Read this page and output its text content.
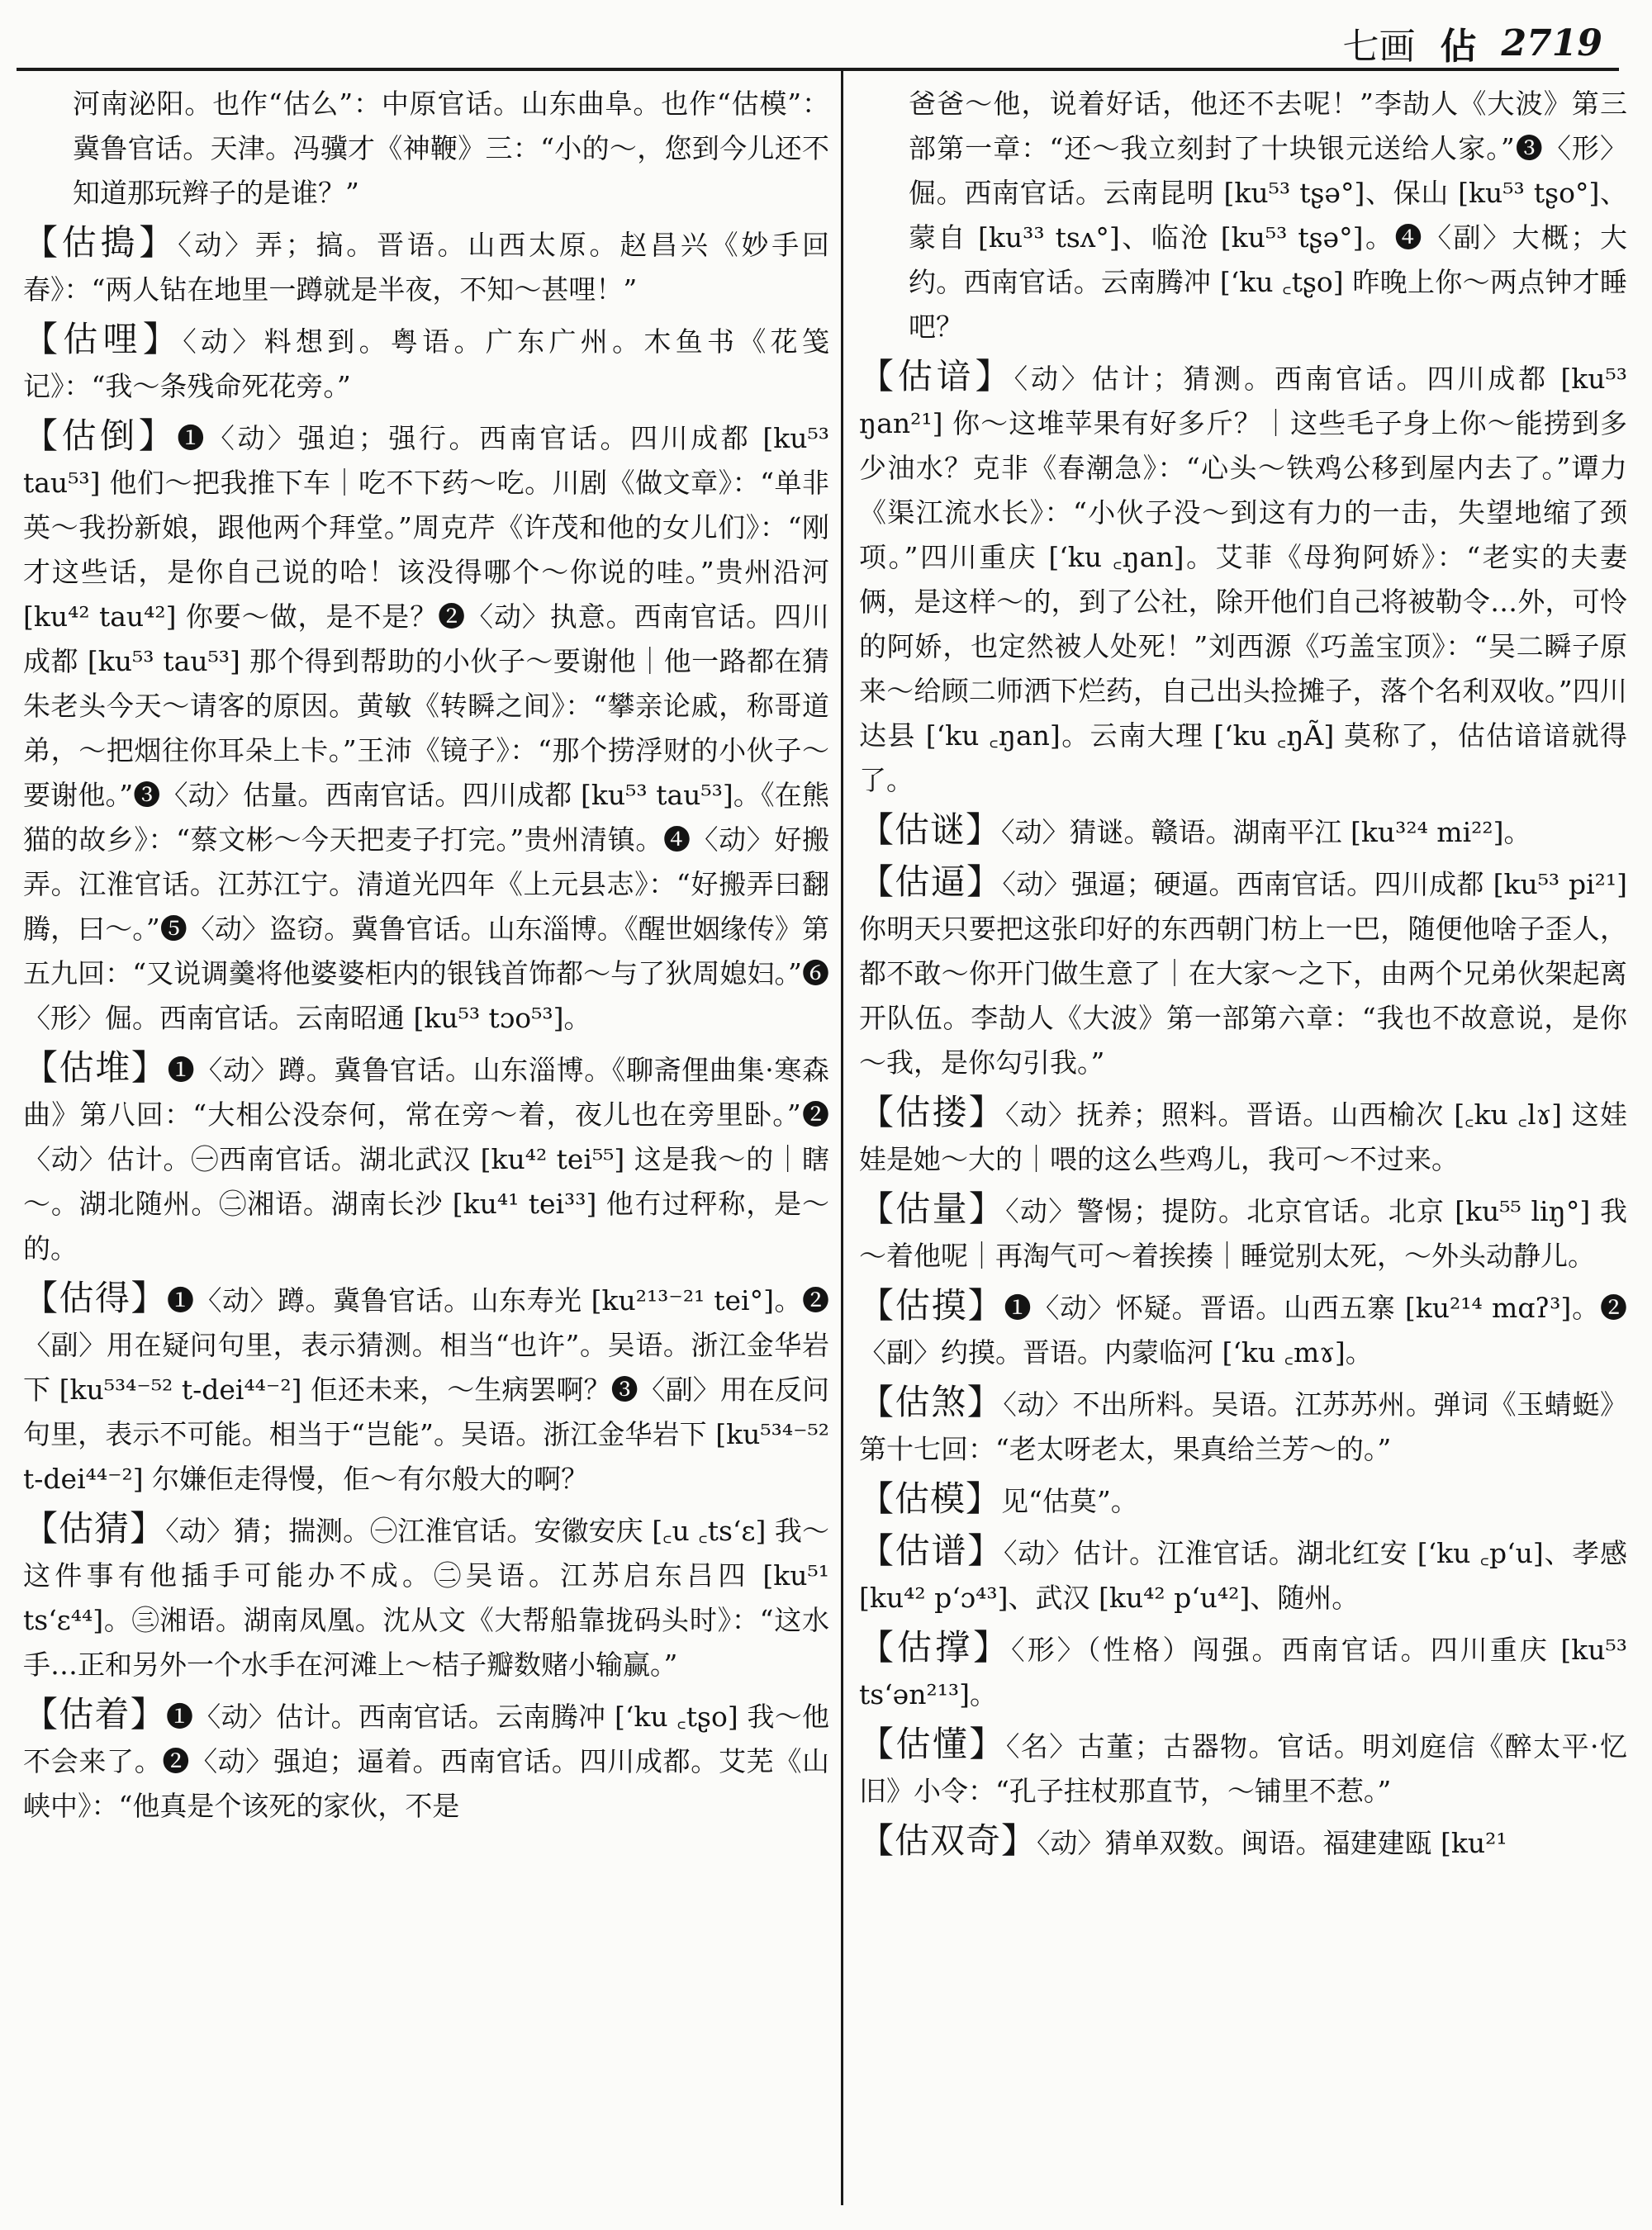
七画 佔 2719

河南泌阳。也作“估么”：中原官话。山东曲阜。也作“估模”：冀鲁官话。天津。冯骥才《神鞭》三：“小的～，您到今儿还不知道那玩辫子的是谁？”

【估搗】〈动〉弄；搞。晋语。山西太原。赵昌兴《妙手回春》：“两人钻在地里一蹲就是半夜，不知～甚哩！”

【估哩】〈动〉料想到。粤语。广东广州。木鱼书《花笺记》：“我～条残命死花旁。”

【估倒】❶〈动〉强迫；强行。西南官话。四川成都 [ku⁵³ tau⁵³] 他们～把我推下车｜吃不下药～吃。川剧《做文章》：“单非英～我扮新娘，跟他两个拜堂。”周克芹《许茂和他的女儿们》：“刚才这些话，是你自己说的哈！该没得哪个～你说的哇。”贵州沿河 [ku⁴² tau⁴²] 你要～做，是不是？❷〈动〉执意。西南官话。四川成都 [ku⁵³ tau⁵³] 那个得到帮助的小伙子～要谢他｜他一路都在猜朱老头今天～请客的原因。黄敏《转瞬之间》：“攀亲论戚，称哥道弟，～把烟往你耳朵上卡。”王沛《镜子》：“那个捞浮财的小伙子～要谢他。”❸〈动〉估量。西南官话。四川成都 [ku⁵³ tau⁵³]。《在熊猫的故乡》：“蔡文彬～今天把麦子打完。”贵州清镇。❹〈动〉好搬弄。江淮官话。江苏江宁。清道光四年《上元县志》：“好搬弄曰翻腾，曰～。”❺〈动〉盗窃。冀鲁官话。山东淄博。《醒世姻缘传》第五九回：“又说调羹将他婆婆柜内的银钱首饰都～与了狄周媳妇。”❻〈形〉倔。西南官话。云南昭通 [ku⁵³ tɔo⁵³]。

【估堆】❶〈动〉蹲。冀鲁官话。山东淄博。《聊斋俚曲集·寒森曲》第八回：“大相公没奈何，常在旁～着，夜儿也在旁里卧。”❷〈动〉估计。㊀西南官话。湖北武汉 [ku⁴² tei⁵⁵] 这是我～的｜瞎～。湖北随州。㊁湘语。湖南长沙 [ku⁴¹ tei³³] 他冇过秤称，是～的。

【估得】❶〈动〉蹲。冀鲁官话。山东寿光 [ku²¹³⁻²¹ tei°]。❷〈副〉用在疑问句里，表示猜测。相当“也许”。吴语。浙江金华岩下 [ku⁵³⁴⁻⁵² t-dei⁴⁴⁻²] 佢还未来，～生病罢啊？❸〈副〉用在反问句里，表示不可能。相当于“岂能”。吴语。浙江金华岩下 [ku⁵³⁴⁻⁵² t-dei⁴⁴⁻²] 尔嫌佢走得慢，佢～有尔般大的啊？

【估猜】〈动〉猜；揣测。㊀江淮官话。安徽安庆 [꜀u ꜀ts‘ɛ] 我～这件事有他插手可能办不成。㊁吴语。江苏启东吕四 [ku⁵¹ ts‘ɛ⁴⁴]。㊂湘语。湖南凤凰。沈从文《大帮船靠拢码头时》：“这水手…正和另外一个水手在河滩上～桔子瓣数赌小输赢。”

【估着】❶〈动〉估计。西南官话。云南腾冲 [‘ku ꜀tʂo] 我～他不会来了。❷〈动〉强迫；逼着。西南官话。四川成都。艾芜《山峡中》：“他真是个该死的家伙，不是

爸爸～他，说着好话，他还不去呢！”李劼人《大波》第三部第一章：“还～我立刻封了十块银元送给人家。”❸〈形〉倔。西南官话。云南昆明 [ku⁵³ tʂə°]、保山 [ku⁵³ tʂo°]、蒙自 [ku³³ tsʌ°]、临沧 [ku⁵³ tʂə°]。❹〈副〉大概；大约。西南官话。云南腾冲 [‘ku ꜀tʂo] 昨晚上你～两点钟才睡吧？

【估谙】〈动〉估计；猜测。西南官话。四川成都 [ku⁵³ ŋan²¹] 你～这堆苹果有好多斤？｜这些毛子身上你～能捞到多少油水？克非《春潮急》：“心头～铁鸡公移到屋内去了。”谭力《渠江流水长》：“小伙子没～到这有力的一击，失望地缩了颈项。”四川重庆 [‘ku ꜀ŋan]。艾菲《母狗阿娇》：“老实的夫妻俩，是这样～的，到了公社，除开他们自己将被勒令…外，可怜的阿娇，也定然被人处死！”刘西源《巧盖宝顶》：“吴二瞬子原来～给顾二师洒下烂药，自己出头捡摊子，落个名利双收。”四川达县 [‘ku ꜀ŋan]。云南大理 [‘ku ꜀ŋÃ] 莫称了，估估谙谙就得了。

【估谜】〈动〉猜谜。赣语。湖南平江 [ku³²⁴ mi²²]。

【估逼】〈动〉强逼；硬逼。西南官话。四川成都 [ku⁵³ pi²¹] 你明天只要把这张印好的东西朝门枋上一巴，随便他啥子歪人，都不敢～你开门做生意了｜在大家～之下，由两个兄弟伙架起离开队伍。李劼人《大波》第一部第六章：“我也不故意说，是你～我，是你勾引我。”

【估搂】〈动〉抚养；照料。晋语。山西榆次 [꜀ku ꜀lɤ] 这娃娃是她～大的｜喂的这么些鸡儿，我可～不过来。

【估量】〈动〉警惕；提防。北京官话。北京 [ku⁵⁵ liŋ°] 我～着他呢｜再淘气可～着挨揍｜睡觉别太死，～外头动静儿。

【估摸】❶〈动〉怀疑。晋语。山西五寨 [ku²¹⁴ mɑʔ³]。❷〈副〉约摸。晋语。内蒙临河 [‘ku ꜀mɤ]。

【估煞】〈动〉不出所料。吴语。江苏苏州。弹词《玉蜻蜓》第十七回：“老太呀老太，果真给兰芳～的。”

【估模】见“估莫”。

【估谱】〈动〉估计。江淮官话。湖北红安 [‘ku ꜀p‘u]、孝感 [ku⁴² p‘ɔ⁴³]、武汉 [ku⁴² p‘u⁴²]、随州。

【估撑】〈形〉（性格）闯强。西南官话。四川重庆 [ku⁵³ ts‘ən²¹³]。

【估懂】〈名〉古董；古器物。官话。明刘庭信《醉太平·忆旧》小令：“孔子拄杖那直节，～铺里不惹。”

【估双奇】〈动〉猜单双数。闽语。福建建瓯 [ku²¹
